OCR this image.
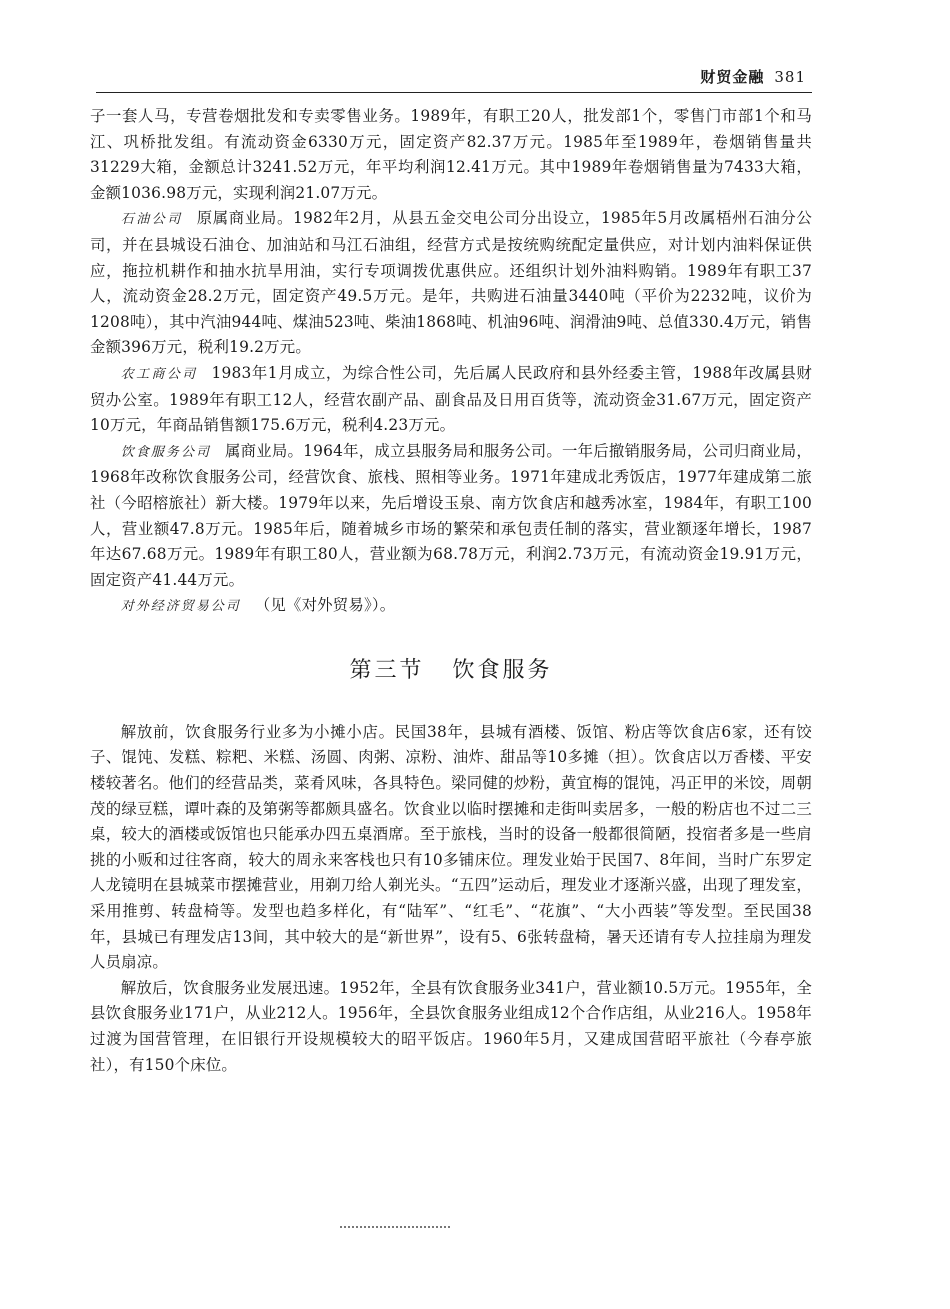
财贸金融 381

子一套人马，专营卷烟批发和专卖零售业务。1989年，有职工20人，批发部1个，零售门市部1个和马江、巩桥批发组。有流动资金6330万元，固定资产82.37万元。1985年至1989年，卷烟销售量共31229大箱，金额总计3241.52万元，年平均利润12.41万元。其中1989年卷烟销售量为7433大箱，金额1036.98万元，实现利润21.07万元。

石油公司 原属商业局。1982年2月，从县五金交电公司分出设立，1985年5月改属梧州石油分公司，并在县城设石油仓、加油站和马江石油组，经营方式是按统购统配定量供应，对计划内油料保证供应，拖拉机耕作和抽水抗旱用油，实行专项调拨优惠供应。还组织计划外油料购销。1989年有职工37人，流动资金28.2万元，固定资产49.5万元。是年，共购进石油量3440吨（平价为2232吨，议价为1208吨），其中汽油944吨、煤油523吨、柴油1868吨、机油96吨、润滑油9吨、总值330.4万元，销售金额396万元，税利19.2万元。

农工商公司 1983年1月成立，为综合性公司，先后属人民政府和县外经委主管，1988年改属县财贸办公室。1989年有职工12人，经营农副产品、副食品及日用百货等，流动资金31.67万元，固定资产10万元，年商品销售额175.6万元，税利4.23万元。

饮食服务公司 属商业局。1964年，成立县服务局和服务公司。一年后撤销服务局，公司归商业局，1968年改称饮食服务公司，经营饮食、旅栈、照相等业务。1971年建成北秀饭店，1977年建成第二旅社（今昭榕旅社）新大楼。1979年以来，先后增设玉泉、南方饮食店和越秀冰室，1984年，有职工100人，营业额47.8万元。1985年后，随着城乡市场的繁荣和承包责任制的落实，营业额逐年增长，1987年达67.68万元。1989年有职工80人，营业额为68.78万元，利润2.73万元，有流动资金19.91万元，固定资产41.44万元。

对外经济贸易公司 （见《对外贸易》）。

第三节 饮食服务

解放前，饮食服务行业多为小摊小店。民国38年，县城有酒楼、饭馆、粉店等饮食店6家，还有饺子、馄饨、发糕、粽粑、米糕、汤圆、肉粥、凉粉、油炸、甜品等10多摊（担）。饮食店以万香楼、平安楼较著名。他们的经营品类，菜肴风味，各具特色。梁同健的炒粉，黄宜梅的馄饨，冯正甲的米饺，周朝茂的绿豆糕，谭叶森的及第粥等都颇具盛名。饮食业以临时摆摊和走街叫卖居多，一般的粉店也不过二三桌，较大的酒楼或饭馆也只能承办四五桌酒席。至于旅栈，当时的设备一般都很简陋，投宿者多是一些肩挑的小贩和过往客商，较大的周永来客栈也只有10多铺床位。理发业始于民国7、8年间，当时广东罗定人龙镜明在县城菜市摆摊营业，用剃刀给人剃光头。“五四”运动后，理发业才逐渐兴盛，出现了理发室，采用推剪、转盘椅等。发型也趋多样化，有“陆军”、“红毛”、“花旗”、“大小西装”等发型。至民国38年，县城已有理发店13间，其中较大的是“新世界”，设有5、6张转盘椅，暑天还请有专人拉挂扇为理发人员扇凉。

解放后，饮食服务业发展迅速。1952年，全县有饮食服务业341户，营业额10.5万元。1955年，全县饮食服务业171户，从业212人。1956年，全县饮食服务业组成12个合作店组，从业216人。1958年过渡为国营管理，在旧银行开设规模较大的昭平饭店。1960年5月，又建成国营昭平旅社（今春亭旅社），有150个床位。
